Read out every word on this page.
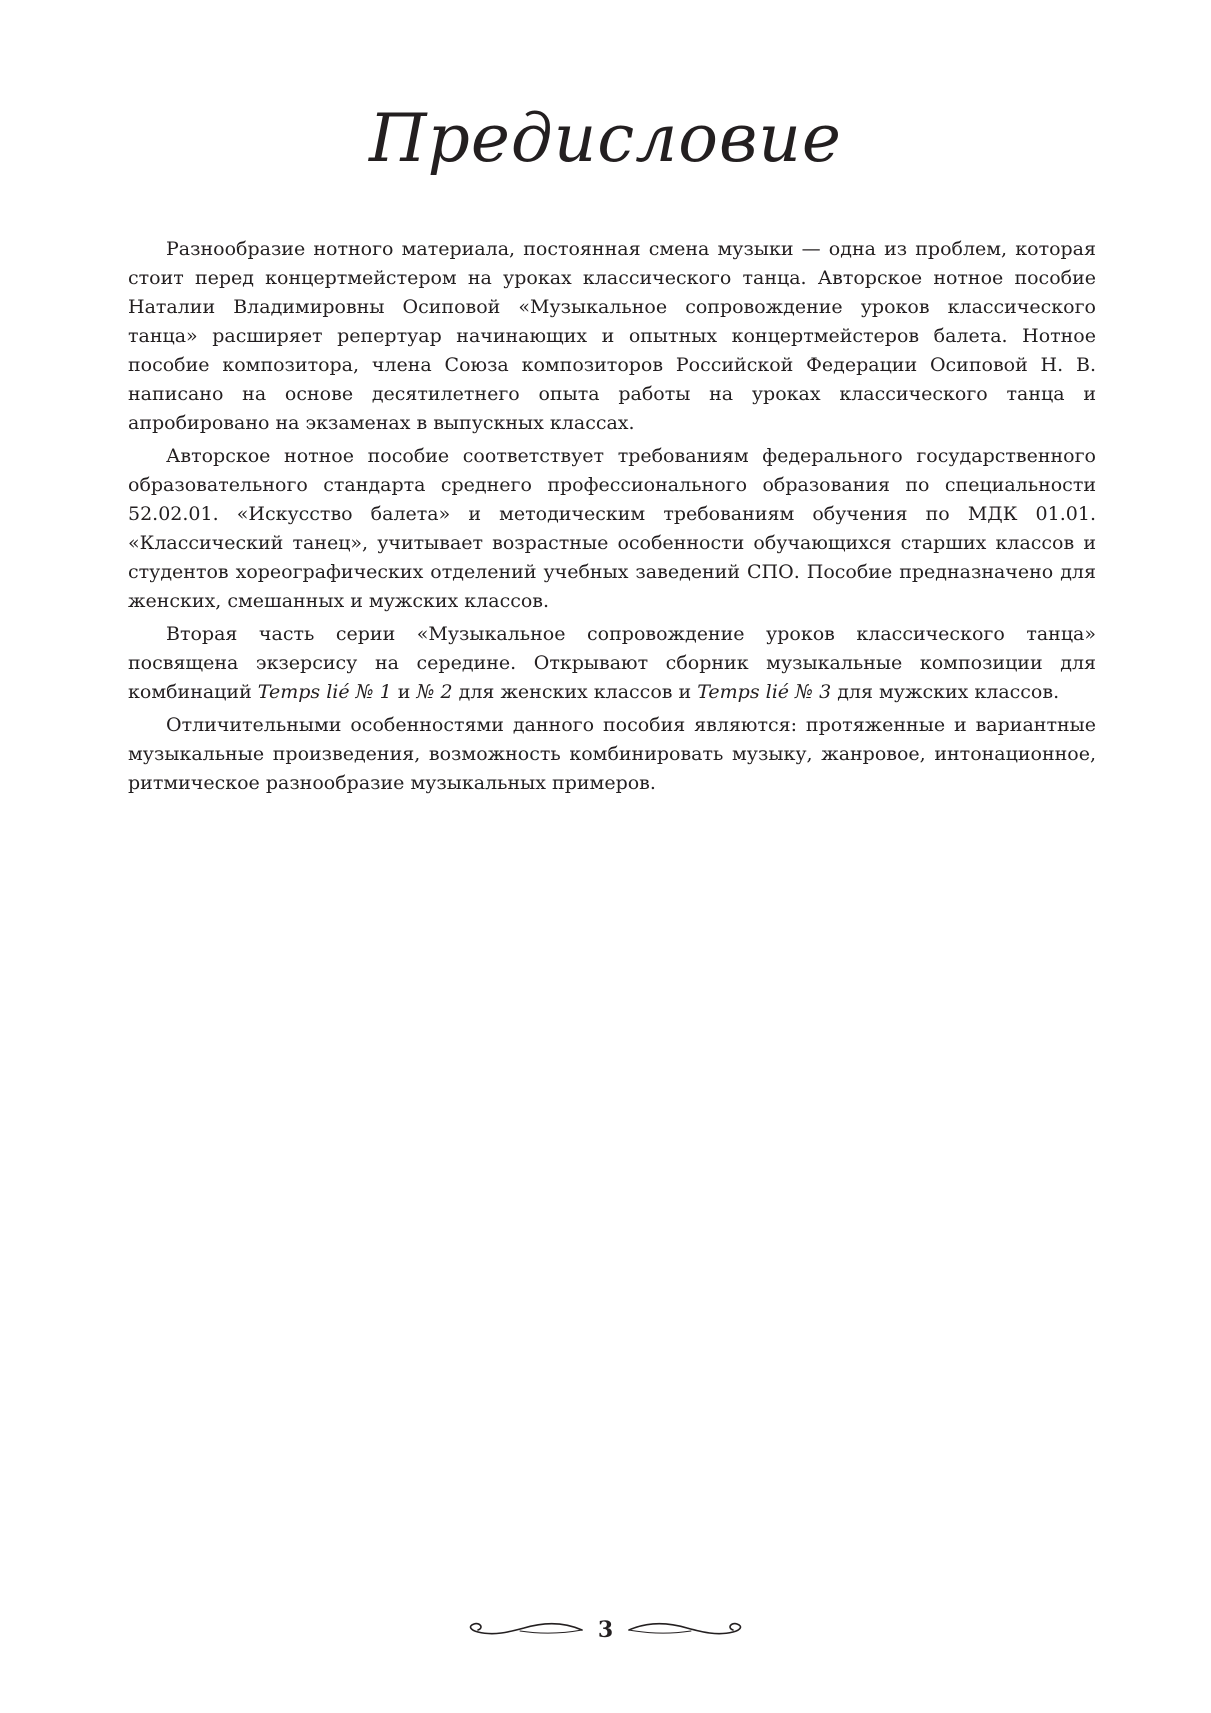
Предисловие

Разнообразие нотного материала, постоянная смена музыки — одна из проблем, которая стоит перед концертмейстером на уроках классического танца. Авторское нотное пособие Наталии Владимировны Осиповой «Музыкальное сопровождение уроков классического танца» расширяет репертуар начинающих и опытных концертмейстеров балета. Нотное пособие композитора, члена Союза композиторов Российской Федерации Осиповой Н. В. написано на основе десятилетнего опыта работы на уроках классического танца и апробировано на экзаменах в выпускных классах.

Авторское нотное пособие соответствует требованиям федерального государственного образовательного стандарта среднего профессионального образования по специальности 52.02.01. «Искусство балета» и методическим требованиям обучения по МДК 01.01. «Классический танец», учитывает возрастные особенности обучающихся старших классов и студентов хореографических отделений учебных заведений СПО. Пособие предназначено для женских, смешанных и мужских классов.

Вторая часть серии «Музыкальное сопровождение уроков классического танца» посвящена экзерсису на середине. Открывают сборник музыкальные композиции для комбинаций Temps lié № 1 и № 2 для женских классов и Temps lié № 3 для мужских классов.

Отличительными особенностями данного пособия являются: протяженные и вариантные музыкальные произведения, возможность комбинировать музыку, жанровое, интонационное, ритмическое разнообразие музыкальных примеров.

3
